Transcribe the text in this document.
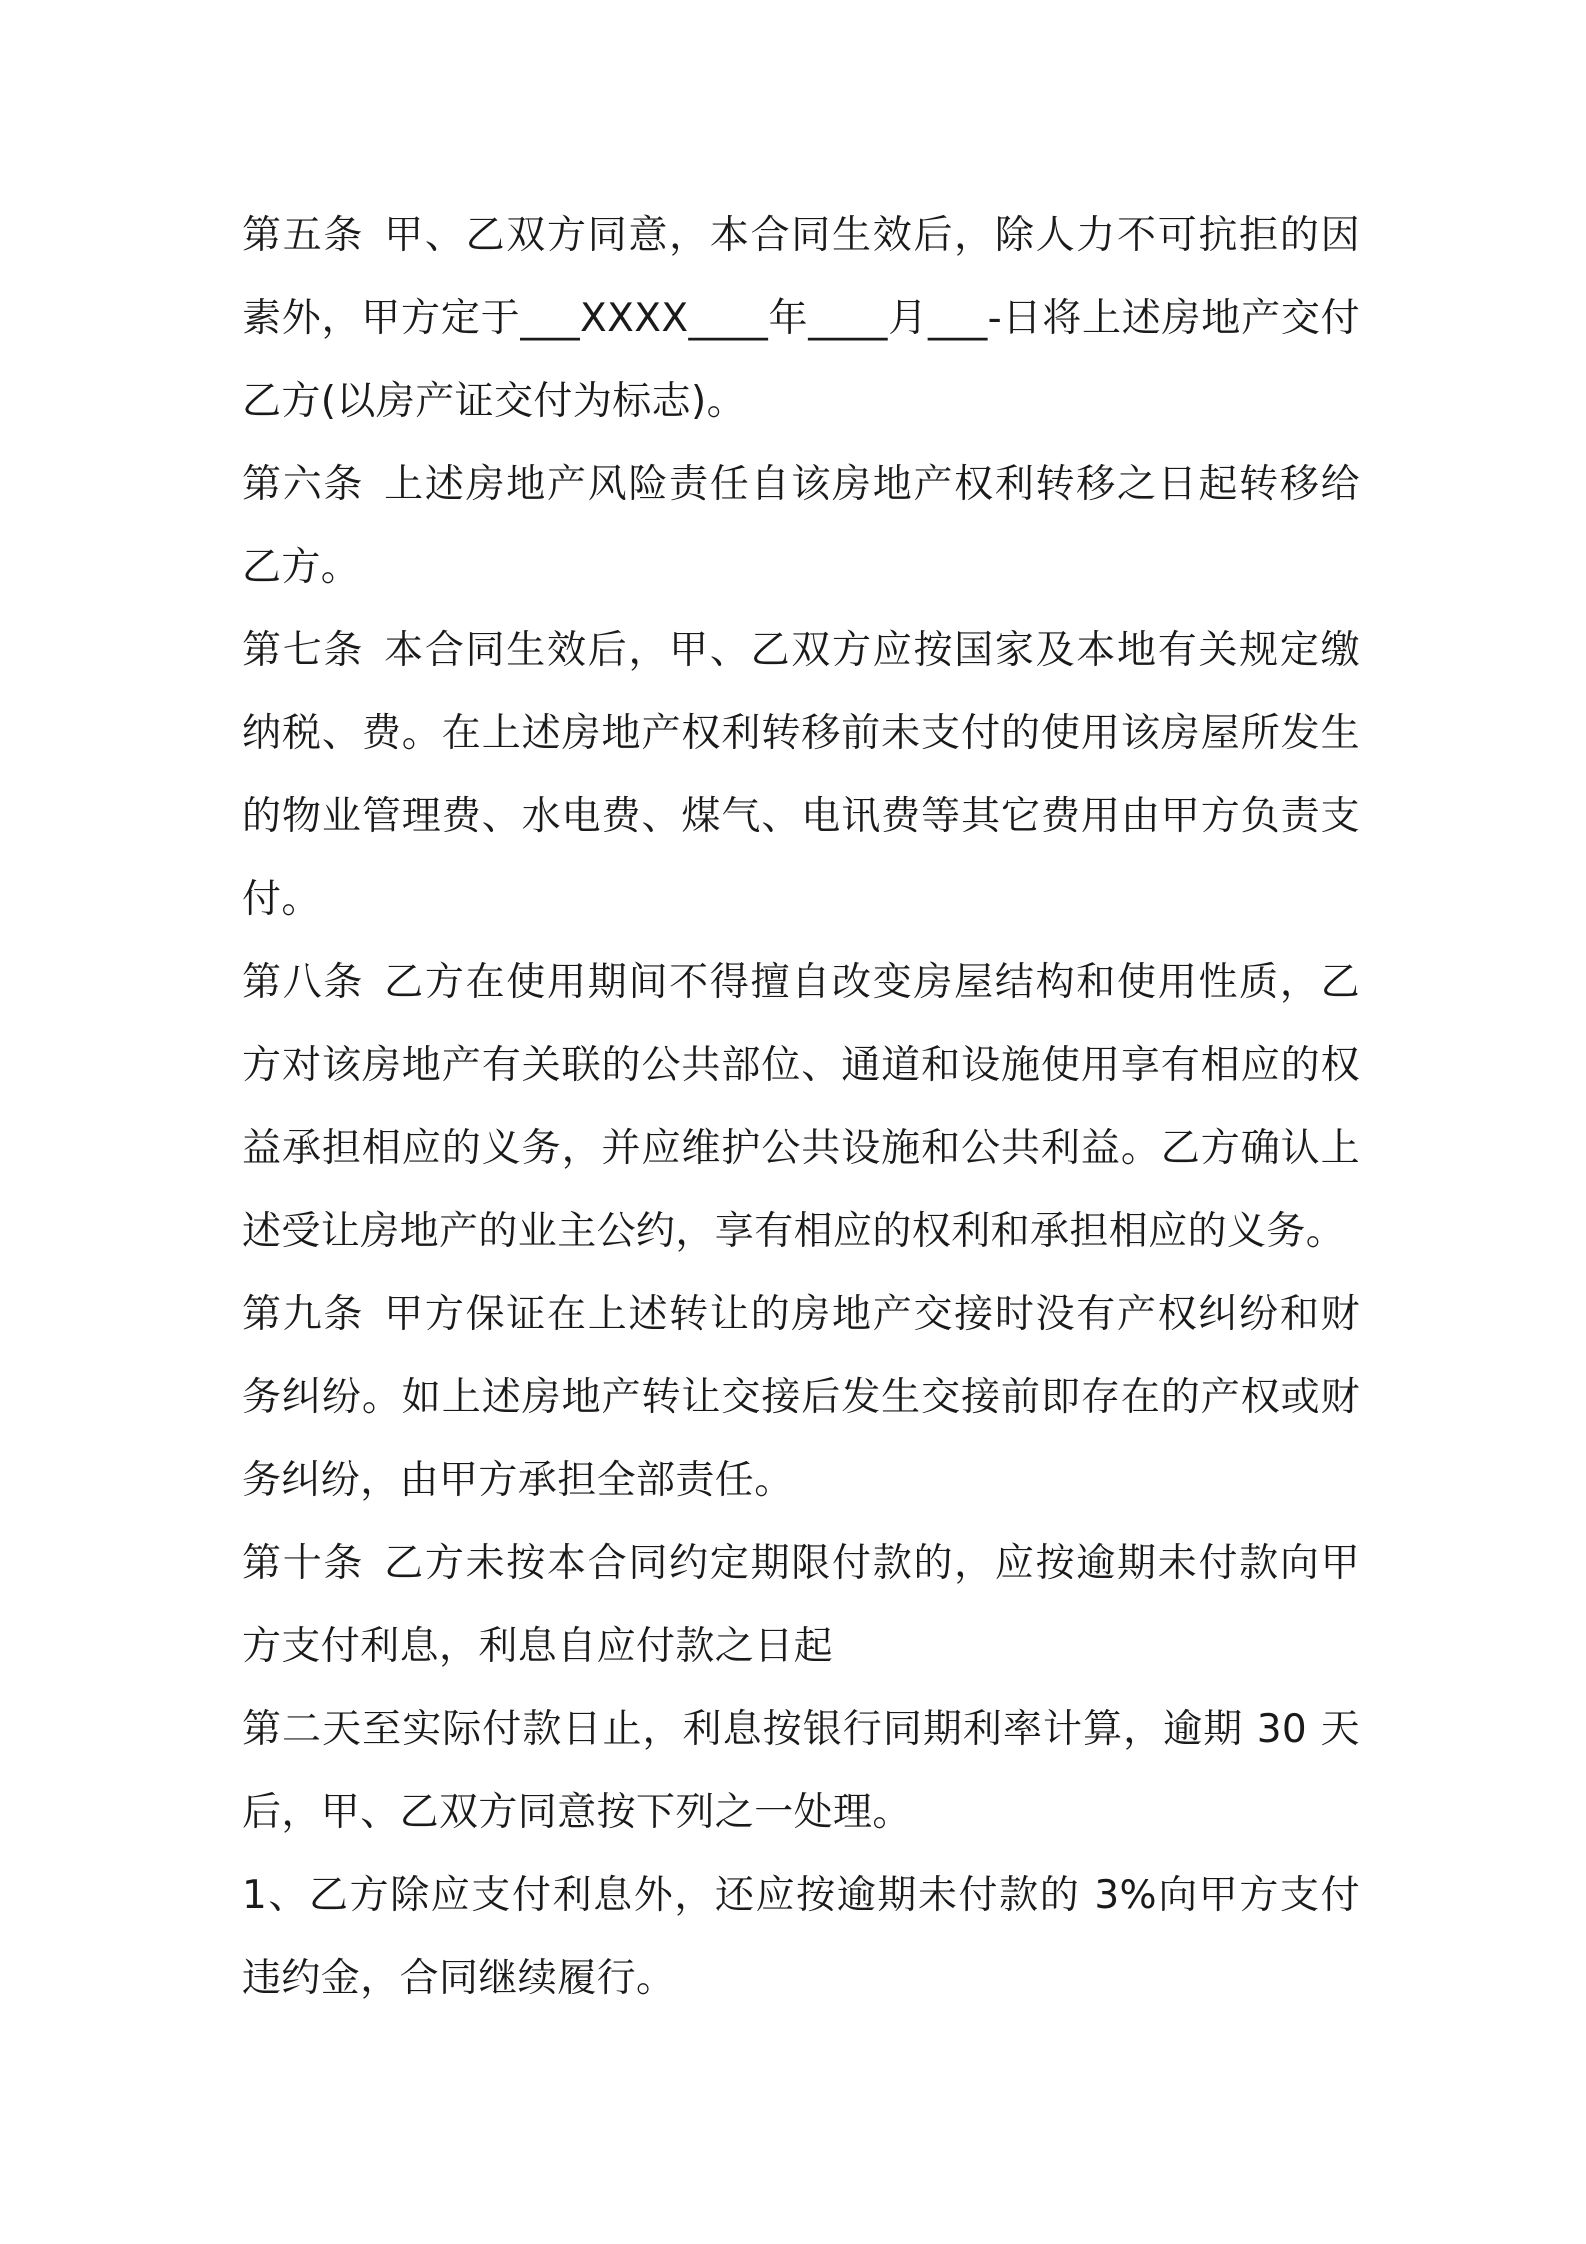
第五条 甲、乙双方同意，本合同生效后，除人力不可抗拒的因素外，甲方定于___XXXX____年____月___-日将上述房地产交付乙方(以房产证交付为标志)。

第六条 上述房地产风险责任自该房地产权利转移之日起转移给乙方。

第七条 本合同生效后，甲、乙双方应按国家及本地有关规定缴纳税、费。在上述房地产权利转移前未支付的使用该房屋所发生的物业管理费、水电费、煤气、电讯费等其它费用由甲方负责支付。

第八条 乙方在使用期间不得擅自改变房屋结构和使用性质，乙方对该房地产有关联的公共部位、通道和设施使用享有相应的权益承担相应的义务，并应维护公共设施和公共利益。乙方确认上述受让房地产的业主公约，享有相应的权利和承担相应的义务。

第九条 甲方保证在上述转让的房地产交接时没有产权纠纷和财务纠纷。如上述房地产转让交接后发生交接前即存在的产权或财务纠纷，由甲方承担全部责任。

第十条 乙方未按本合同约定期限付款的，应按逾期未付款向甲方支付利息，利息自应付款之日起

第二天至实际付款日止，利息按银行同期利率计算，逾期 30 天后，甲、乙双方同意按下列之一处理。

1、乙方除应支付利息外，还应按逾期未付款的 3%向甲方支付违约金，合同继续履行。
